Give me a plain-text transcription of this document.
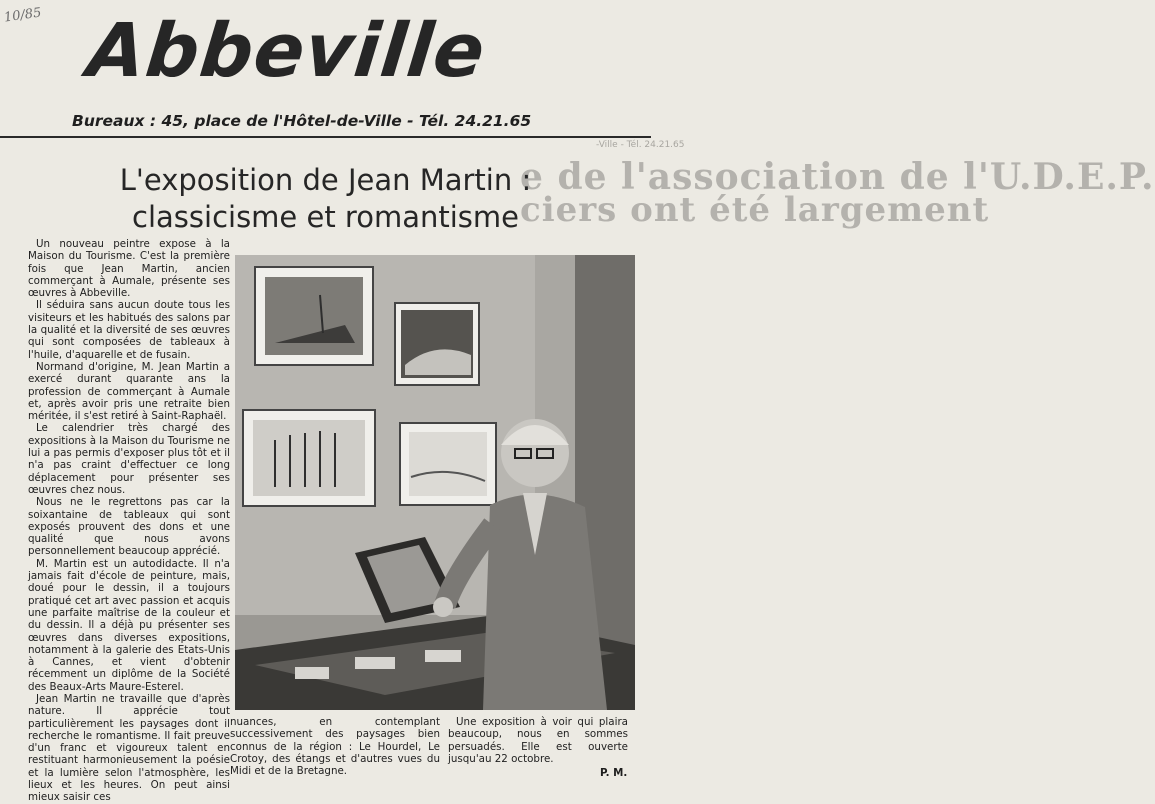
10/85 Abbeville
Bureaux : 45, place de l'Hôtel-de-Ville - Tél. 24.21.65
-Ville - Tél. 24.21.65
e de l'association de l'U.D.E.P.
ciers ont été largement
L'exposition de Jean Martin :
classicisme et romantisme

Un nouveau peintre expose à la Maison du Tourisme. C'est la première fois que Jean Martin, ancien commerçant à Aumale, présente ses œuvres à Abbeville.

Il séduira sans aucun doute tous les visiteurs et les habitués des salons par la qualité et la diversité de ses œuvres qui sont composées de tableaux à l'huile, d'aquarelle et de fusain.

Normand d'origine, M. Jean Martin a exercé durant quarante ans la profession de commerçant à Aumale et, après avoir pris une retraite bien méritée, il s'est retiré à Saint-Raphaël.

Le calendrier très chargé des expositions à la Maison du Tourisme ne lui a pas permis d'exposer plus tôt et il n'a pas craint d'effectuer ce long déplacement pour présenter ses œuvres chez nous.

Nous ne le regrettons pas car la soixantaine de tableaux qui sont exposés prouvent des dons et une qualité que nous avons personnellement beaucoup apprécié.

M. Martin est un autodidacte. Il n'a jamais fait d'école de peinture, mais, doué pour le dessin, il a toujours pratiqué cet art avec passion et acquis une parfaite maîtrise de la couleur et du dessin. Il a déjà pu présenter ses œuvres dans diverses expositions, notamment à la galerie des Etats-Unis à Cannes, et vient d'obtenir récemment un diplôme de la Société des Beaux-Arts Maure-Esterel.

Jean Martin ne travaille que d'après nature. Il apprécie tout particulièrement les paysages dont il recherche le romantisme. Il fait preuve d'un franc et vigoureux talent en restituant harmonieusement la poésie et la lumière selon l'atmosphère, les lieux et les heures. On peut ainsi mieux saisir ces

nuances, en contemplant successivement des paysages bien connus de la région : Le Hourdel, Le Crotoy, des étangs et d'autres vues du Midi et de la Bretagne.

Une exposition à voir qui plaira beaucoup, nous en sommes persuadés. Elle est ouverte jusqu'au 22 octobre.

P. M.
